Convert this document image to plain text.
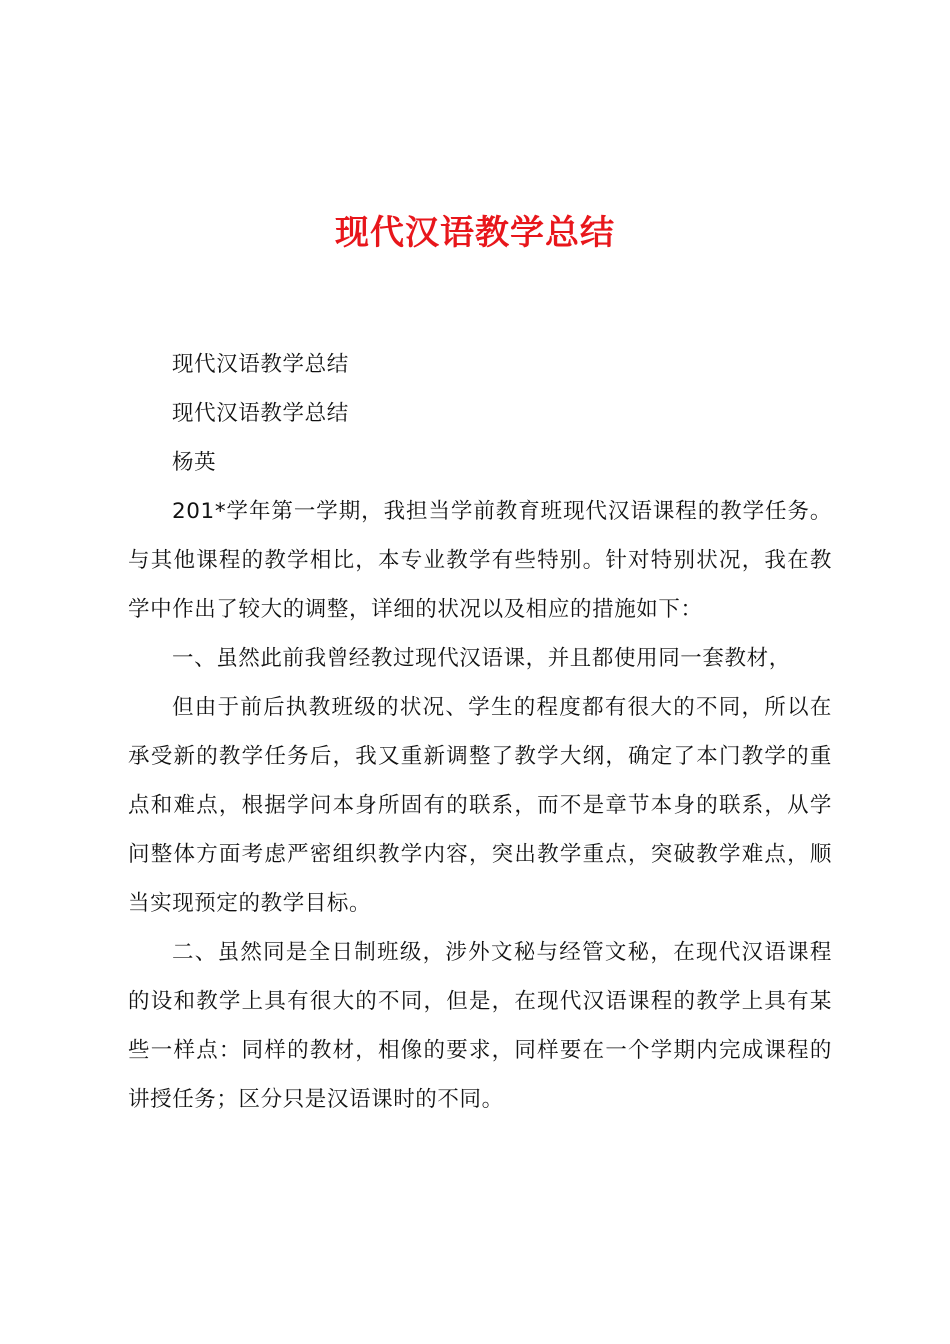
现代汉语教学总结

现代汉语教学总结

现代汉语教学总结

杨英

201*学年第一学期，我担当学前教育班现代汉语课程的教学任务。与其他课程的教学相比，本专业教学有些特别。针对特别状况，我在教学中作出了较大的调整，详细的状况以及相应的措施如下：

一、虽然此前我曾经教过现代汉语课，并且都使用同一套教材，

但由于前后执教班级的状况、学生的程度都有很大的不同，所以在承受新的教学任务后，我又重新调整了教学大纲，确定了本门教学的重点和难点，根据学问本身所固有的联系，而不是章节本身的联系，从学问整体方面考虑严密组织教学内容，突出教学重点，突破教学难点，顺当实现预定的教学目标。

二、虽然同是全日制班级，涉外文秘与经管文秘，在现代汉语课程的设和教学上具有很大的不同，但是，在现代汉语课程的教学上具有某些一样点：同样的教材，相像的要求，同样要在一个学期内完成课程的讲授任务；区分只是汉语课时的不同。
